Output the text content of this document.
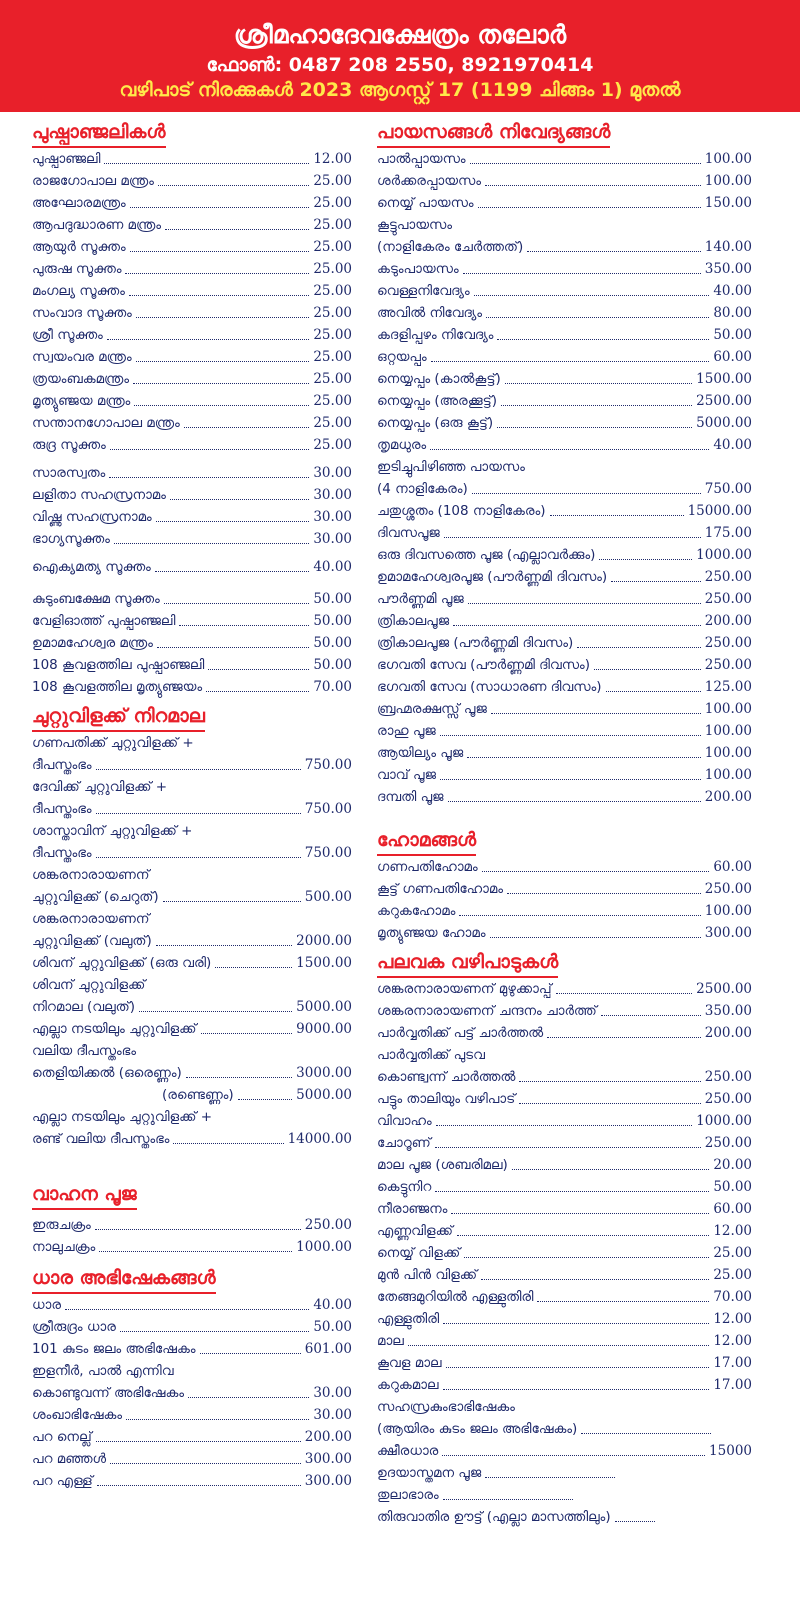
ശ്രീമഹാദേവക്ഷേത്രം തലോർ
ഫോൺ: 0487 208 2550, 8921970414
വഴിപാട് നിരക്കുകൾ 2023 ആഗസ്റ്റ് 17 (1199 ചിങ്ങം 1) മുതൽ
പുഷ്പാഞ്ജലികൾ
പുഷ്പാഞ്ജലി	12.00
രാജഗോപാല മന്ത്രം	25.00
അഘോരമന്ത്രം	25.00
ആപദുദ്ധാരണ മന്ത്രം	25.00
ആയുർ സൂക്തം	25.00
പുരുഷ സൂക്തം	25.00
മംഗല്യ സൂക്തം	25.00
സംവാദ സൂക്തം	25.00
ശ്രീ സൂക്തം	25.00
സ്വയംവര മന്ത്രം	25.00
ത്രയംബകമന്ത്രം	25.00
മൃത്യുഞ്ജയ മന്ത്രം	25.00
സന്താനഗോപാല മന്ത്രം	25.00
രുദ്ര സൂക്തം	25.00
സാരസ്വതം	30.00
ലളിതാ സഹസ്രനാമം	30.00
വിഷ്ണു സഹസ്രനാമം	30.00
ഭാഗ്യസൂക്തം	30.00
ഐക്യമത്യ സൂക്തം	40.00
കുടുംബക്ഷേമ സൂക്തം	50.00
വേളിഓത്ത് പുഷ്പാഞ്ജലി	50.00
ഉമാമഹേശ്വര മന്ത്രം	50.00
108 കൂവളത്തില പുഷ്പാഞ്ജലി	50.00
108 കൂവളത്തില മൃത്യുഞ്ജയം	70.00
ചുറ്റുവിളക്ക് നിറമാല
ഗണപതിക്ക് ചുറ്റുവിളക്ക് +
ദീപസ്തംഭം	750.00
ദേവിക്ക് ചുറ്റുവിളക്ക് +
ദീപസ്തംഭം	750.00
ശാസ്താവിന് ചുറ്റുവിളക്ക് +
ദീപസ്തംഭം	750.00
ശങ്കരനാരായണന്
ചുറ്റുവിളക്ക് (ചെറുത്)	500.00
ശങ്കരനാരായണന്
ചുറ്റുവിളക്ക് (വലുത്)	2000.00
ശിവന് ചുറ്റുവിളക്ക് (ഒരു വരി)	1500.00
ശിവന് ചുറ്റുവിളക്ക്
നിറമാല (വലുത്)	5000.00
എല്ലാ നടയിലും ചുറ്റുവിളക്ക്	9000.00
വലിയ ദീപസ്തംഭം
തെളിയിക്കൽ (ഒരെണ്ണം)	3000.00
(രണ്ടെണ്ണം)	5000.00
എല്ലാ നടയിലും ചുറ്റുവിളക്ക് +
രണ്ട് വലിയ ദീപസ്തംഭം	14000.00
വാഹന പൂജ
ഇരുചക്രം	250.00
നാലുചക്രം	1000.00
ധാര അഭിഷേകങ്ങൾ
ധാര	40.00
ശ്രീരുദ്രം ധാര	50.00
101 കുടം ജലം അഭിഷേകം	601.00
ഇളനീർ, പാൽ എന്നിവ
കൊണ്ടുവന്ന് അഭിഷേകം	30.00
ശംഖാഭിഷേകം	30.00
പറ നെല്ല്	200.00
പറ മഞ്ഞൾ	300.00
പറ എള്ള്	300.00
പായസങ്ങൾ നിവേദ്യങ്ങൾ
പാൽപ്പായസം	100.00
ശർക്കരപ്പായസം	100.00
നെയ്യ് പായസം	150.00
കൂട്ടുപായസം
(നാളികേരം ചേർത്തത്)	140.00
കടുംപായസം	350.00
വെള്ളനിവേദ്യം	40.00
അവിൽ നിവേദ്യം	80.00
കദളിപ്പഴം നിവേദ്യം	50.00
ഒറ്റയപ്പം	60.00
നെയ്യപ്പം (കാൽകൂട്ട്)	1500.00
നെയ്യപ്പം (അരക്കൂട്ട്)	2500.00
നെയ്യപ്പം (ഒരു കൂട്ട്)	5000.00
തൃമധുരം	40.00
ഇടിച്ചുപിഴിഞ്ഞ പായസം
(4 നാളികേരം)	750.00
ചതുശ്ശതം (108 നാളികേരം)	15000.00
ദിവസപൂജ	175.00
ഒരു ദിവസത്തെ പൂജ (എല്ലാവർക്കും)	1000.00
ഉമാമഹേശ്വരപൂജ (പൗർണ്ണമി ദിവസം)	250.00
പൗർണ്ണമി പൂജ	250.00
ത്രികാലപൂജ	200.00
ത്രികാലപൂജ (പൗർണ്ണമി ദിവസം)	250.00
ഭഗവതി സേവ (പൗർണ്ണമി ദിവസം)	250.00
ഭഗവതി സേവ (സാധാരണ ദിവസം)	125.00
ബ്രഹ്മരക്ഷസ്സ് പൂജ	100.00
രാഹു പൂജ	100.00
ആയില്യം പൂജ	100.00
വാവ് പൂജ	100.00
ദമ്പതി പൂജ	200.00
ഹോമങ്ങൾ
ഗണപതിഹോമം	60.00
കൂട്ട് ഗണപതിഹോമം	250.00
കറുകഹോമം	100.00
മൃത്യുഞ്ജയ ഹോമം	300.00
പലവക വഴിപാടുകൾ
ശങ്കരനാരായണന് മുഴുക്കാപ്പ്	2500.00
ശങ്കരനാരായണന് ചന്ദനം ചാർത്ത്	350.00
പാർവ്വതിക്ക് പട്ട് ചാർത്തൽ	200.00
പാർവ്വതിക്ക് പുടവ
കൊണ്ട്വന്ന് ചാർത്തൽ	250.00
പട്ടും താലിയും വഴിപാട്	250.00
വിവാഹം	1000.00
ചോറൂണ്	250.00
മാല പൂജ (ശബരിമല)	20.00
കെട്ടുനിറ	50.00
നീരാഞ്ജനം	60.00
എണ്ണവിളക്ക്	12.00
നെയ്യ് വിളക്ക്	25.00
മുൻ പിൻ വിളക്ക്	25.00
തേങ്ങമുറിയിൽ എള്ളുതിരി	70.00
എള്ളുതിരി	12.00
മാല	12.00
കൂവള മാല	17.00
കറുകമാല	17.00
സഹസ്രകുംഭാഭിഷേകം
(ആയിരം കുടം ജലം അഭിഷേകം)
ക്ഷീരധാര	15000
ഉദയാസ്തമന പൂജ
തുലാഭാരം
തിരുവാതിര ഊട്ട് (എല്ലാ മാസത്തിലും)
